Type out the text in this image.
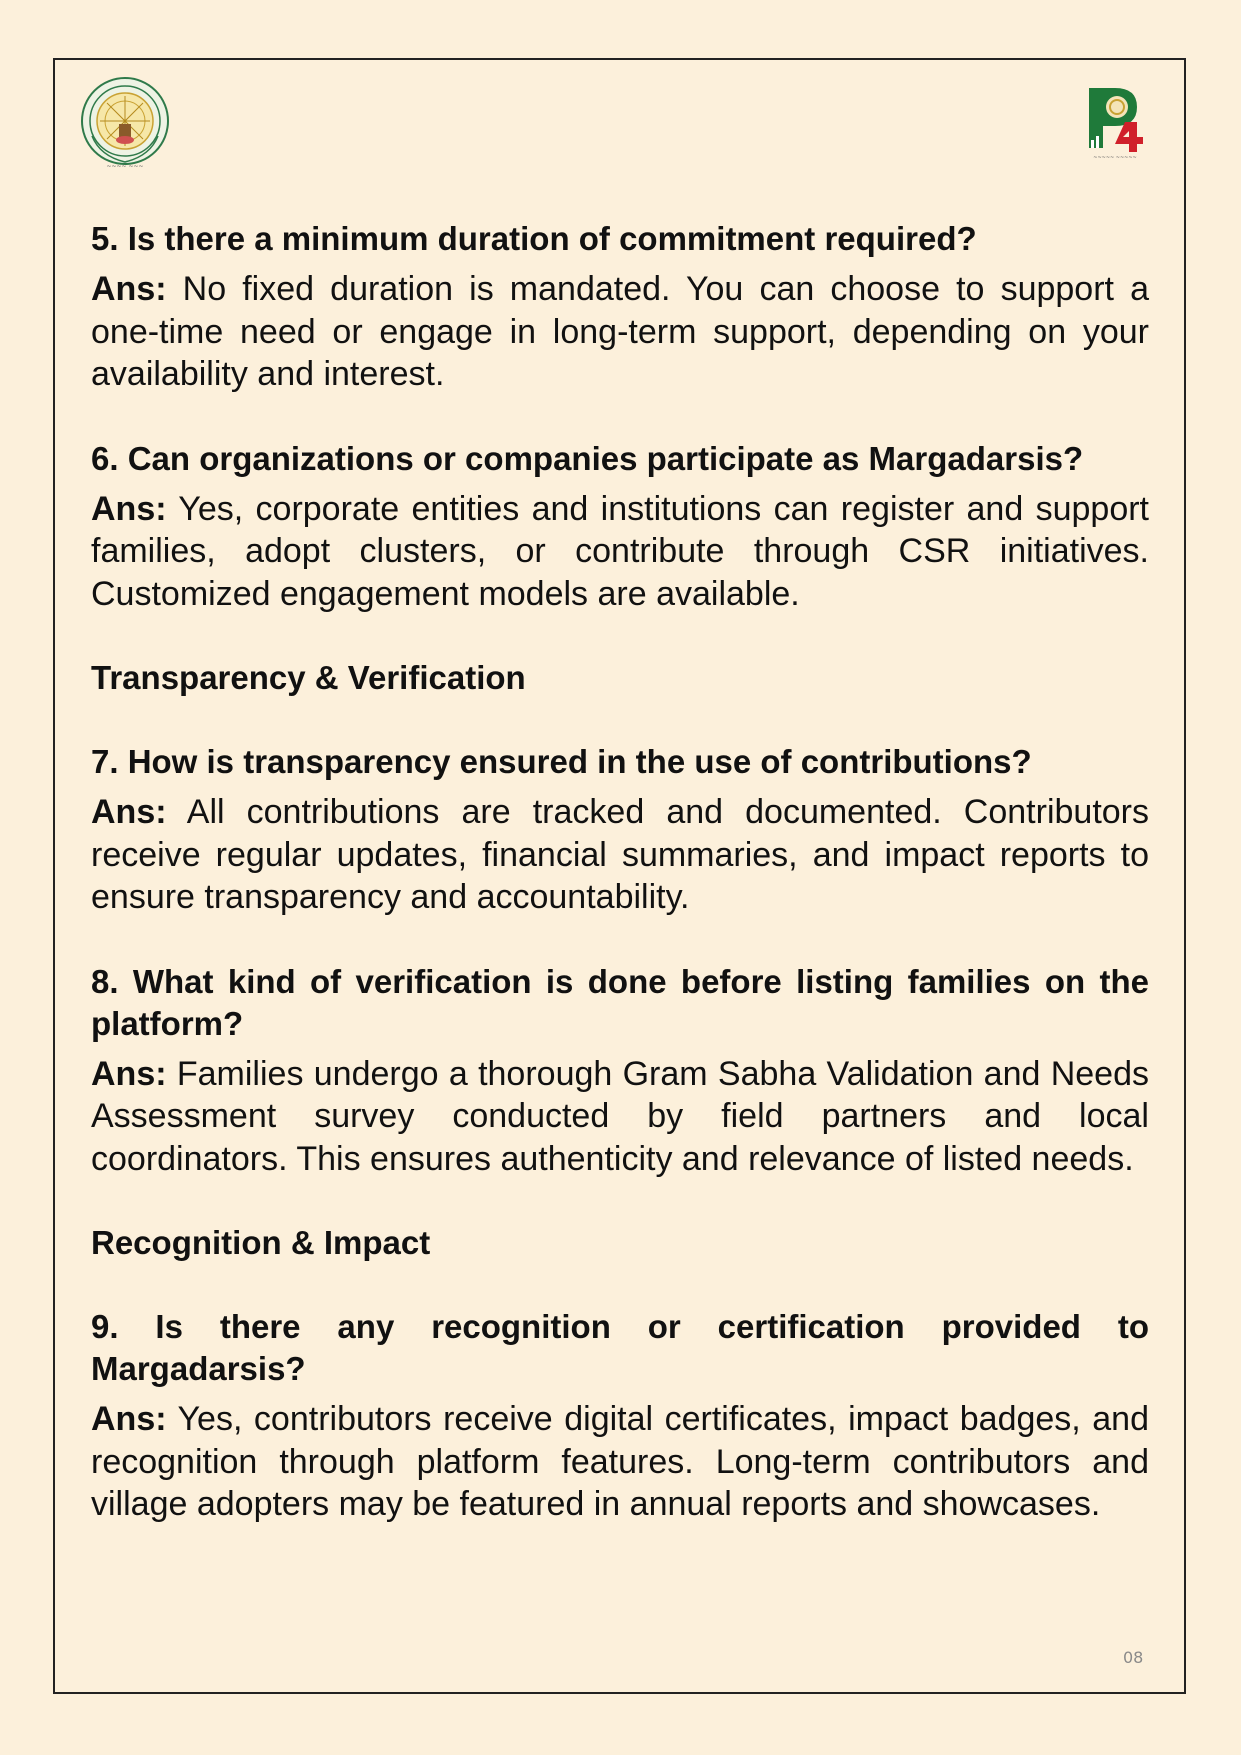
~~~~ ~~~
~~~~~ ~~~~~

5. Is there a minimum duration of commitment required?

Ans: No fixed duration is mandated. You can choose to support a one-time need or engage in long-term support, depending on your availability and interest.

6. Can organizations or companies participate as Margadarsis?

Ans: Yes, corporate entities and institutions can register and support families, adopt clusters, or contribute through CSR initiatives. Customized engagement models are available.

Transparency & Verification

7. How is transparency ensured in the use of contributions?

Ans: All contributions are tracked and documented. Contributors receive regular updates, financial summaries, and impact reports to ensure transparency and accountability.

8. What kind of verification is done before listing families on the platform?

Ans: Families undergo a thorough Gram Sabha Validation and Needs Assessment survey conducted by field partners and local coordinators. This ensures authenticity and relevance of listed needs.

Recognition & Impact

9. Is there any recognition or certification provided to Margadarsis?

Ans: Yes, contributors receive digital certificates, impact badges, and recognition through platform features. Long-term contributors and village adopters may be featured in annual reports and showcases.

08
